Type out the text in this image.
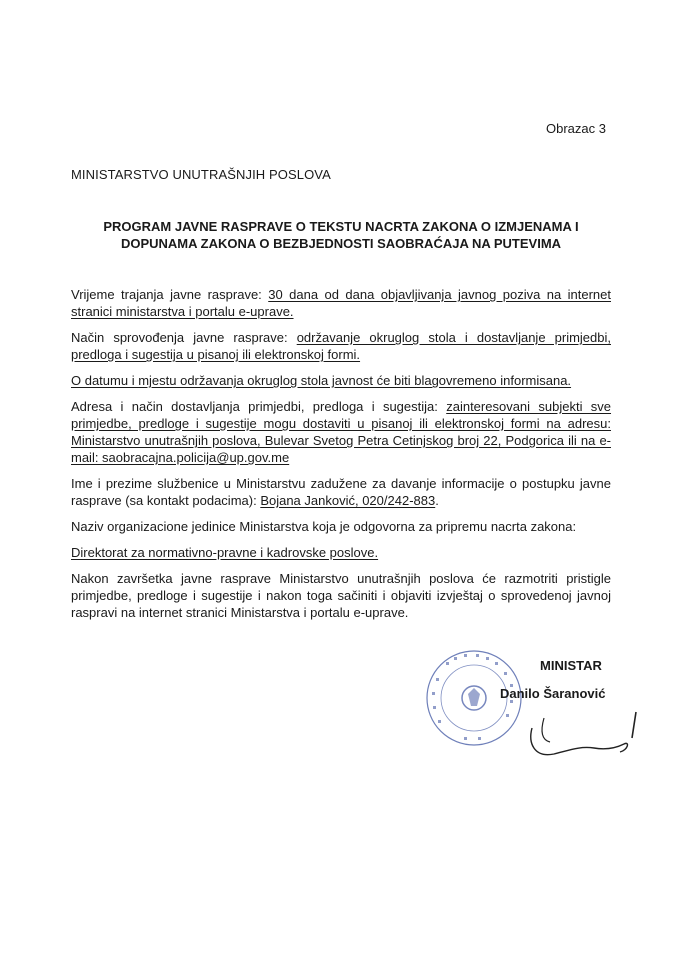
Obrazac 3
MINISTARSTVO UNUTRAŠNJIH POSLOVA
PROGRAM JAVNE RASPRAVE O TEKSTU NACRTA ZAKONA O IZMJENAMA I
DOPUNAMA ZAKONA O BEZBJEDNOSTI SAOBRAĆAJA NA PUTEVIMA

Vrijeme trajanja javne rasprave: 30 dana od dana objavljivanja javnog poziva na internet stranici ministarstva i portalu e-uprave.

Način sprovođenja javne rasprave: održavanje okruglog stola i dostavljanje primjedbi, predloga i sugestija u pisanoj ili elektronskoj formi.

O datumu i mjestu održavanja okruglog stola javnost će biti blagovremeno informisana.

Adresa i način dostavljanja primjedbi, predloga i sugestija: zainteresovani subjekti sve primjedbe, predloge i sugestije mogu dostaviti u pisanoj ili elektronskoj formi na adresu: Ministarstvo unutrašnjih poslova, Bulevar Svetog Petra Cetinjskog broj 22, Podgorica ili na e-mail: saobracajna.policija@up.gov.me

Ime i prezime službenice u Ministarstvu zadužene za davanje informacije o postupku javne rasprave (sa kontakt podacima): Bojana Janković, 020/242-883.

Naziv organizacione jedinice Ministarstva koja je odgovorna za pripremu nacrta zakona:

Direktorat za normativno-pravne i kadrovske poslove.

Nakon završetka javne rasprave Ministarstvo unutrašnjih poslova će razmotriti pristigle primjedbe, predloge i sugestije i nakon toga sačiniti i objaviti izvještaj o sprovedenoj javnoj raspravi na internet stranici Ministarstva i portalu e-uprave.

MINISTAR
Danilo Šaranović
